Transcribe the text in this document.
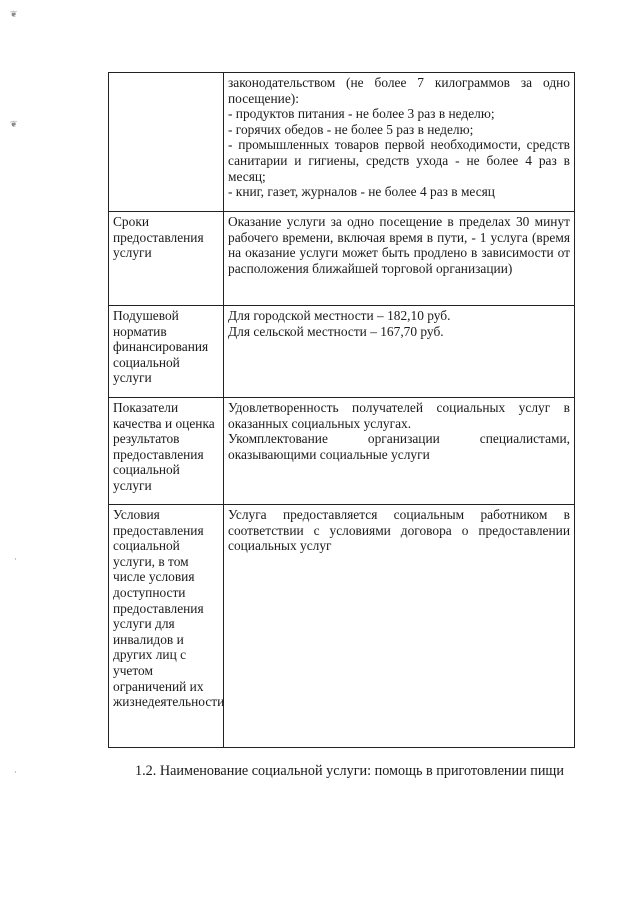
❦
❦
·
·

	законодательством (не более 7 килограммов за одно посещение):
- продуктов питания - не более 3 раз в неделю;
- горячих обедов - не более 5 раз в неделю;
- промышленных товаров первой необходимости, средств санитарии и гигиены, средств ухода - не более 4 раз в месяц;
- книг, газет, журналов - не более 4 раз в месяц

Сроки предоставления услуги	Оказание услуги за одно посещение в пределах 30 минут рабочего времени, включая время в пути, - 1 услуга (время на оказание услуги может быть продлено в зависимости от расположения ближайшей торговой организации)

Подушевой норматив финансирования социальной услуги	Для городской местности – 182,10 руб.
Для сельской местности – 167,70 руб.

Показатели качества и оценка результатов предоставления социальной услуги	Удовлетворенность получателей социальных услуг в оказанных социальных услугах.
Укомплектование организации специалистами, оказывающими социальные услуги

Условия предоставления социальной услуги, в том числе условия доступности предоставления услуги для инвалидов и других лиц с учетом ограничений их жизнедеятельности	Услуга предоставляется социальным работником в соответствии с условиями договора о предоставлении социальных услуг
1.2. Наименование социальной услуги: помощь в приготовлении пищи
